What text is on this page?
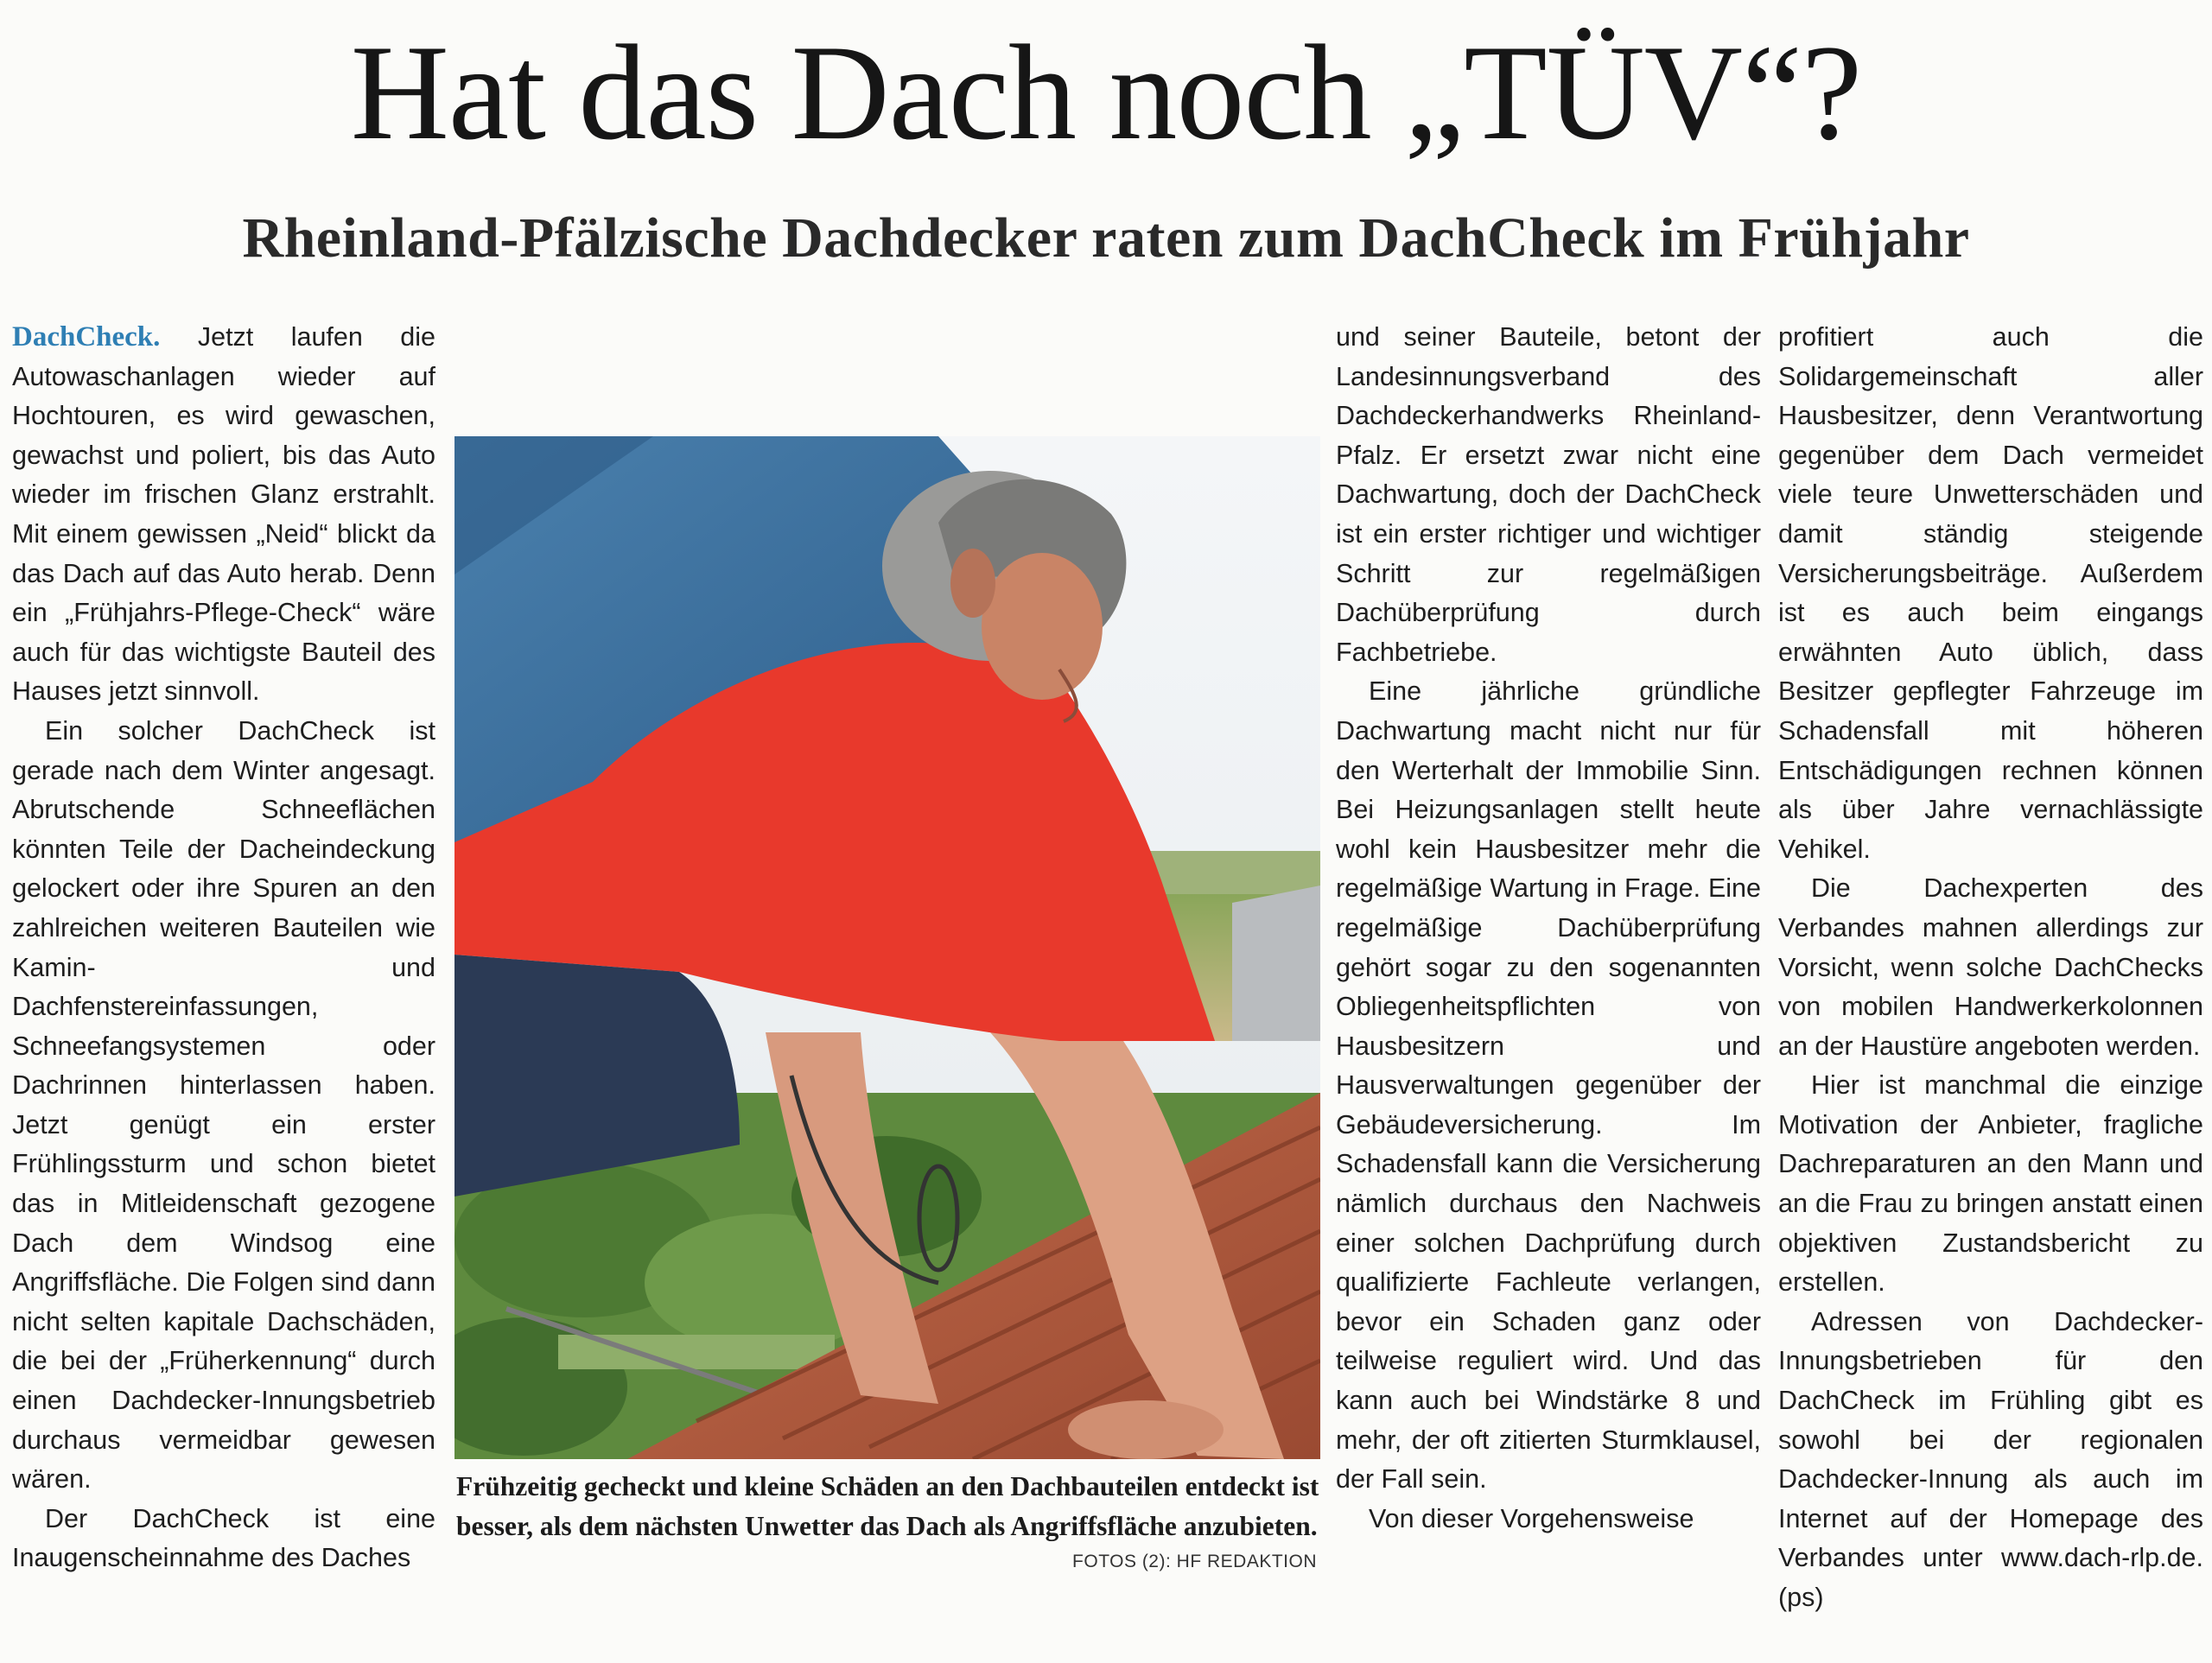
Hat das Dach noch „TÜV“?
Rheinland-Pfälzische Dachdecker raten zum DachCheck im Frühjahr

DachCheck. Jetzt laufen die Autowaschanlagen wieder auf Hochtouren, es wird gewaschen, gewachst und poliert, bis das Auto wieder im frischen Glanz erstrahlt. Mit einem gewissen „Neid“ blickt da das Dach auf das Auto herab. Denn ein „Frühjahrs-Pflege-Check“ wäre auch für das wichtigste Bauteil des Hauses jetzt sinnvoll.

Ein solcher DachCheck ist gerade nach dem Winter angesagt. Abrutschende Schneeflächen könnten Teile der Dacheindeckung gelockert oder ihre Spuren an den zahlreichen weiteren Bauteilen wie Kamin- und Dachfenstereinfassungen, Schneefangsystemen oder Dachrinnen hinterlassen haben. Jetzt genügt ein erster Frühlingssturm und schon bietet das in Mitleidenschaft gezogene Dach dem Windsog eine Angriffsfläche. Die Folgen sind dann nicht selten kapitale Dachschäden, die bei der „Früherkennung“ durch einen Dachdecker-Innungsbetrieb durchaus vermeidbar gewesen wären.

Der DachCheck ist eine Inaugenscheinnahme des Daches

Frühzeitig gecheckt und kleine Schäden an den Dachbauteilen entdeckt ist besser, als dem nächsten Unwetter das Dach als Angriffsfläche anzubieten.
FOTOS (2): HF REDAKTION

und seiner Bauteile, betont der Landesinnungsverband des Dachdeckerhandwerks Rheinland-Pfalz. Er ersetzt zwar nicht eine Dachwartung, doch der DachCheck ist ein erster richtiger und wichtiger Schritt zur regelmäßigen Dachüberprüfung durch Fachbetriebe.

Eine jährliche gründliche Dachwartung macht nicht nur für den Werterhalt der Immobilie Sinn. Bei Heizungsanlagen stellt heute wohl kein Hausbesitzer mehr die regelmäßige Wartung in Frage. Eine regelmäßige Dachüberprüfung gehört sogar zu den sogenannten Obliegenheitspflichten von Hausbesitzern und Hausverwaltungen gegenüber der Gebäudeversicherung. Im Schadensfall kann die Versicherung nämlich durchaus den Nachweis einer solchen Dachprüfung durch qualifizierte Fachleute verlangen, bevor ein Schaden ganz oder teilweise reguliert wird. Und das kann auch bei Windstärke 8 und mehr, der oft zitierten Sturmklausel, der Fall sein.

Von dieser Vorgehensweise

profitiert auch die Solidargemeinschaft aller Hausbesitzer, denn Verantwortung gegenüber dem Dach vermeidet viele teure Unwetterschäden und damit ständig steigende Versicherungsbeiträge. Außerdem ist es auch beim eingangs erwähnten Auto üblich, dass Besitzer gepflegter Fahrzeuge im Schadensfall mit höheren Entschädigungen rechnen können als über Jahre vernachlässigte Vehikel.

Die Dachexperten des Verbandes mahnen allerdings zur Vorsicht, wenn solche DachChecks von mobilen Handwerkerkolonnen an der Haustüre angeboten werden.

Hier ist manchmal die einzige Motivation der Anbieter, fragliche Dachreparaturen an den Mann und an die Frau zu bringen anstatt einen objektiven Zustandsbericht zu erstellen.

Adressen von Dachdecker-Innungsbetrieben für den DachCheck im Frühling gibt es sowohl bei der regionalen Dachdecker-Innung als auch im Internet auf der Homepage des Verbandes unter www.dach-rlp.de. (ps)
